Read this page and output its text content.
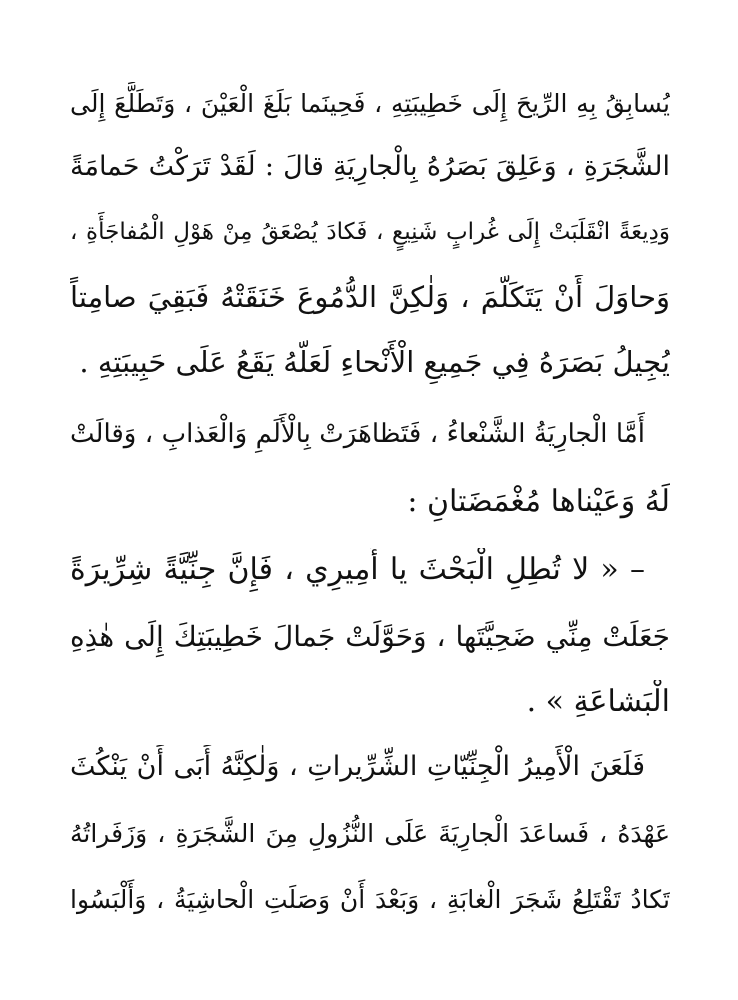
يُسابِقُ بِهِ الرِّيحَ إِلَى خَطِيبَتِهِ ، فَحِينَما بَلَغَ الْعَيْنَ ، وَتَطَلَّعَ إِلَى
الشَّجَرَةِ ، وَعَلِقَ بَصَرُهُ بِالْجارِيَةِ قالَ : لَقَدْ تَرَكْتُ حَمامَةً
وَدِيعَةً انْقَلَبَتْ إِلَى غُرابٍ شَنِيعٍ ، فَكادَ يُصْعَقُ مِنْ هَوْلِ الْمُفاجَأَةِ ،
وَحاوَلَ أَنْ يَتَكَلَّمَ ، وَلٰكِنَّ الدُّمُوعَ خَنَقَتْهُ فَبَقِيَ صامِتاً
يُجِيلُ بَصَرَهُ فِي جَمِيعِ الْأَنْحاءِ لَعَلَّهُ يَقَعُ عَلَى حَبِيبَتِهِ .
أَمَّا الْجارِيَةُ الشَّنْعاءُ ، فَتَظاهَرَتْ بِالْأَلَمِ وَالْعَذابِ ، وَقالَتْ
لَهُ وَعَيْناها مُغْمَضَتانِ :
– « لا تُطِلِ الْبَحْثَ يا أَمِيرِي ، فَإِنَّ جِنِّيَّةً شِرِّيرَةً
جَعَلَتْ مِنِّي ضَحِيَّتَها ، وَحَوَّلَتْ جَمالَ خَطِيبَتِكَ إِلَى هٰذِهِ
الْبَشاعَةِ » .
فَلَعَنَ الْأَمِيرُ الْجِنِّيّاتِ الشِّرِّيراتِ ، وَلٰكِنَّهُ أَبَى أَنْ يَنْكُثَ
عَهْدَهُ ، فَساعَدَ الْجارِيَةَ عَلَى النُّزُولِ مِنَ الشَّجَرَةِ ، وَزَفَراتُهُ
تَكادُ تَقْتَلِعُ شَجَرَ الْغابَةِ ، وَبَعْدَ أَنْ وَصَلَتِ الْحاشِيَةُ ، وَأَلْبَسُوا
